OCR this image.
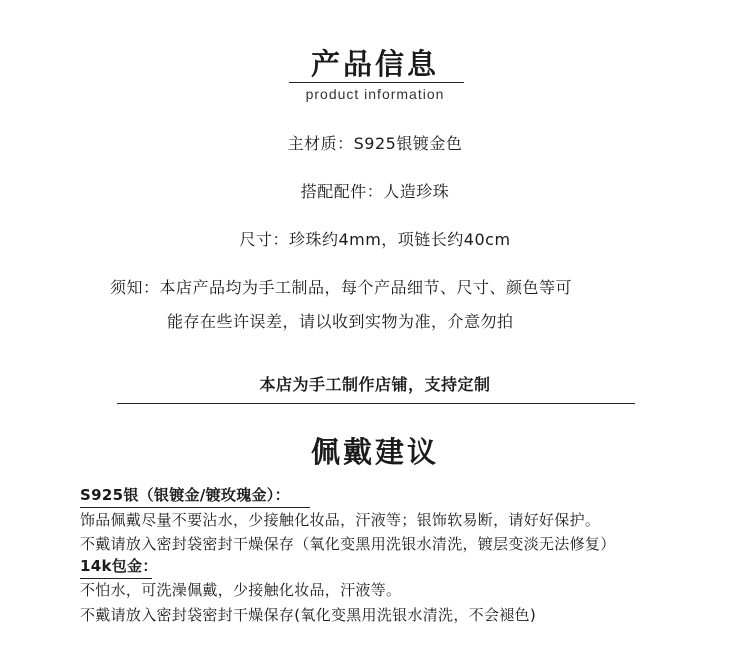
产品信息
product information
主材质：S925银镀金色
搭配配件：人造珍珠
尺寸：珍珠约4mm，项链长约40cm
须知：本店产品均为手工制品，每个产品细节、尺寸、颜色等可
能存在些许误差，请以收到实物为准，介意勿拍
本店为手工制作店铺，支持定制
佩戴建议
S925银（银镀金/镀玫瑰金）：
饰品佩戴尽量不要沾水，少接触化妆品，汗液等；银饰软易断，请好好保护。
不戴请放入密封袋密封干燥保存（氧化变黑用洗银水清洗，镀层变淡无法修复）
14k包金：
不怕水，可洗澡佩戴，少接触化妆品，汗液等。
不戴请放入密封袋密封干燥保存(氧化变黑用洗银水清洗，不会褪色)
